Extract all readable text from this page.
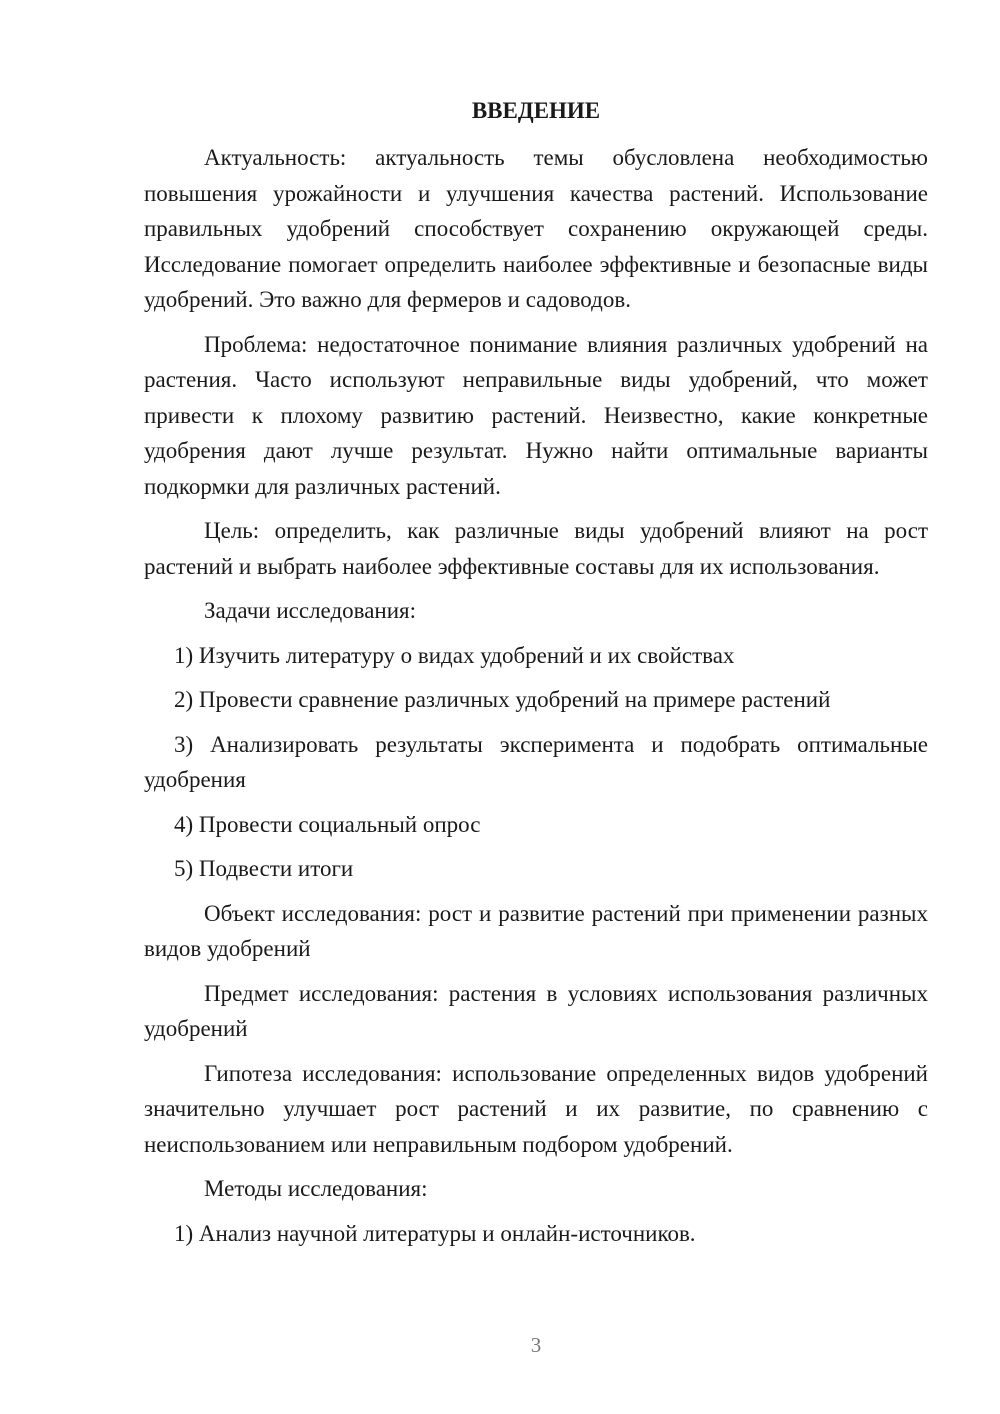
ВВЕДЕНИЕ

Актуальность: актуальность темы обусловлена необходимостью повышения урожайности и улучшения качества растений. Использование правильных удобрений способствует сохранению окружающей среды. Исследование помогает определить наиболее эффективные и безопасные виды удобрений. Это важно для фермеров и садоводов.

Проблема: недостаточное понимание влияния различных удобрений на растения. Часто используют неправильные виды удобрений, что может привести к плохому развитию растений. Неизвестно, какие конкретные удобрения дают лучше результат. Нужно найти оптимальные варианты подкормки для различных растений.

Цель: определить, как различные виды удобрений влияют на рост растений и выбрать наиболее эффективные составы для их использования.

Задачи исследования:

1) Изучить литературу о видах удобрений и их свойствах

2) Провести сравнение различных удобрений на примере растений

3) Анализировать результаты эксперимента и подобрать оптимальные удобрения

4) Провести социальный опрос

5) Подвести итоги

Объект исследования: рост и развитие растений при применении разных видов удобрений

Предмет исследования: растения в условиях использования различных удобрений

Гипотеза исследования: использование определенных видов удобрений значительно улучшает рост растений и их развитие, по сравнению с неиспользованием или неправильным подбором удобрений.

Методы исследования:

1) Анализ научной литературы и онлайн-источников.

3
